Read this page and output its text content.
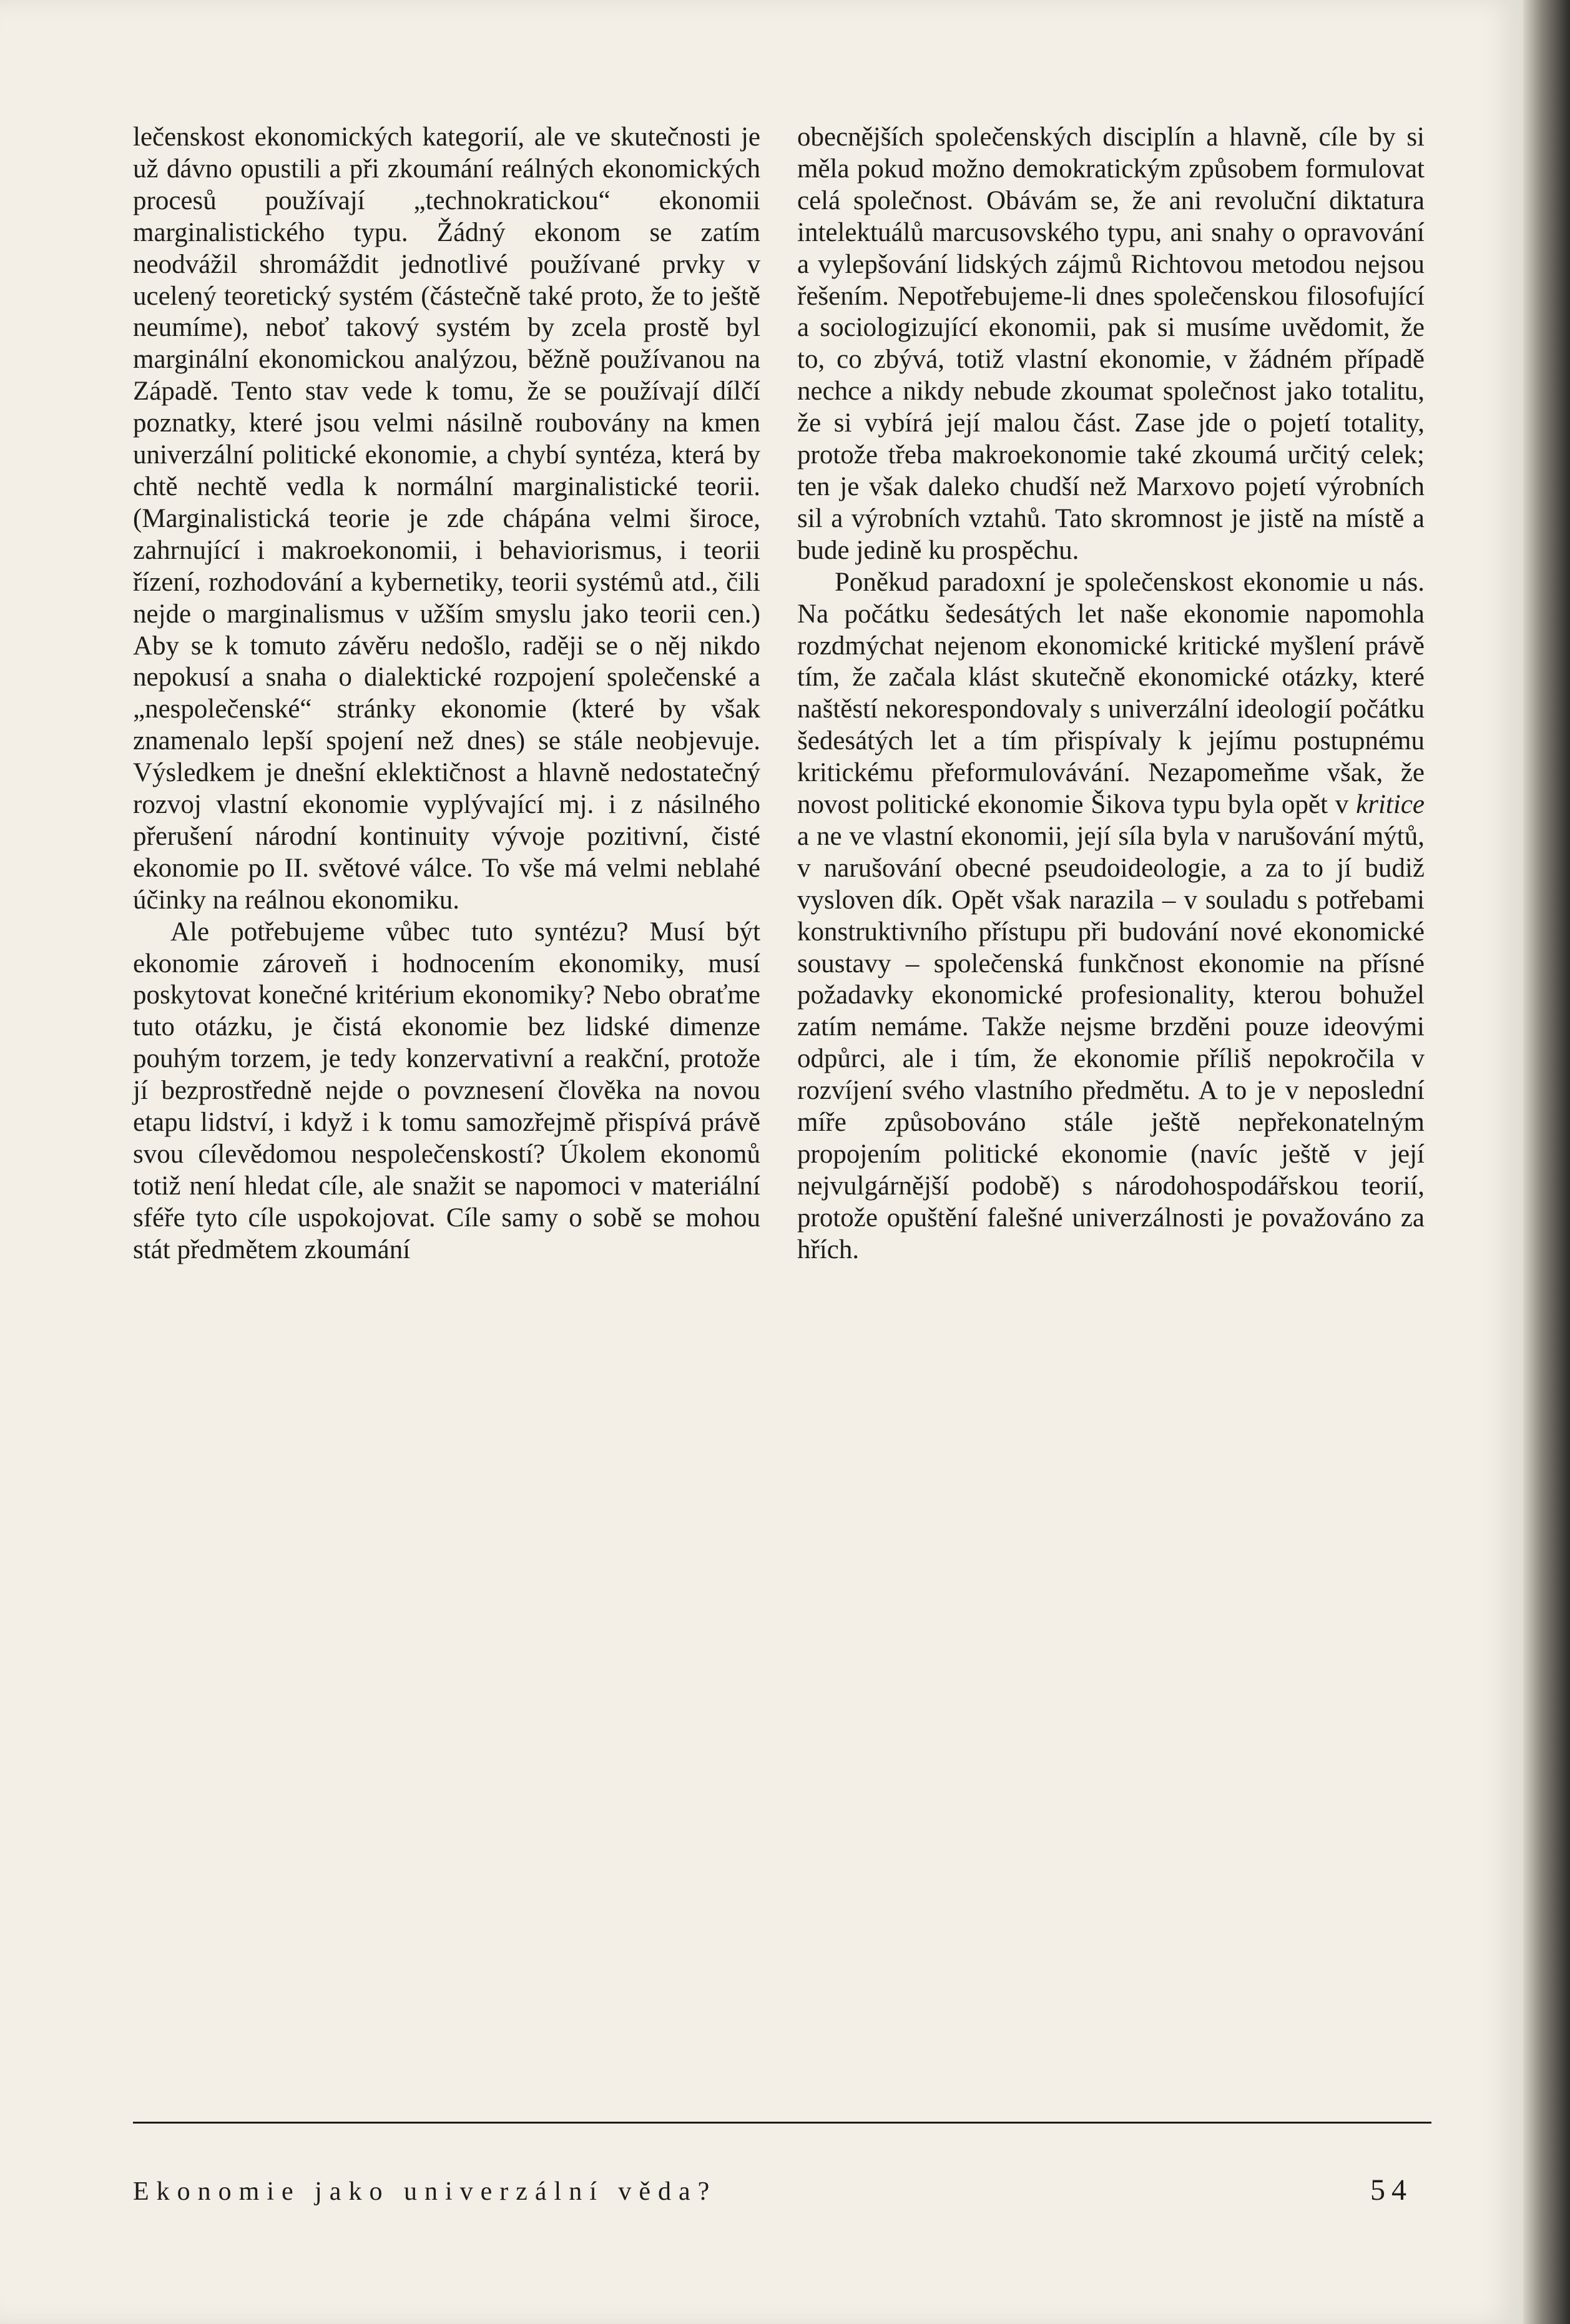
lečenskost ekonomických kategorií, ale ve skutečnosti je už dávno opustili a při zkoumání reálných ekonomických procesů používají „technokratickou“ ekonomii marginalistického typu. Žádný ekonom se zatím neodvážil shromáždit jednotlivé používané prvky v ucelený teoretický systém (částečně také proto, že to ještě neumíme), neboť takový systém by zcela prostě byl marginální ekonomickou analýzou, běžně používanou na Západě. Tento stav vede k tomu, že se používají dílčí poznatky, které jsou velmi násilně roubovány na kmen univerzální politické ekonomie, a chybí syntéza, která by chtě nechtě vedla k normální marginalistické teorii. (Marginalistická teorie je zde chápána velmi široce, zahrnující i makroekonomii, i behaviorismus, i teorii řízení, rozhodování a kybernetiky, teorii systémů atd., čili nejde o marginalismus v užším smyslu jako teorii cen.) Aby se k tomuto závěru nedošlo, raději se o něj nikdo nepokusí a snaha o dialektické rozpojení společenské a „nespolečenské“ stránky ekonomie (které by však znamenalo lepší spojení než dnes) se stále neobjevuje. Výsledkem je dnešní eklektičnost a hlavně nedostatečný rozvoj vlastní ekonomie vyplývající mj. i z násilného přerušení národní kontinuity vývoje pozitivní, čisté ekonomie po II. světové válce. To vše má velmi neblahé účinky na reálnou ekonomiku.

Ale potřebujeme vůbec tuto syntézu? Musí být ekonomie zároveň i hodnocením ekonomiky, musí poskytovat konečné kritérium ekonomiky? Nebo obraťme tuto otázku, je čistá ekonomie bez lidské dimenze pouhým torzem, je tedy konzervativní a reakční, protože jí bezprostředně nejde o povznesení člověka na novou etapu lidství, i když i k tomu samozřejmě přispívá právě svou cílevědomou nespolečenskostí? Úkolem ekonomů totiž není hledat cíle, ale snažit se napomoci v materiální sféře tyto cíle uspokojovat. Cíle samy o sobě se mohou stát předmětem zkoumání

obecnějších společenských disciplín a hlavně, cíle by si měla pokud možno demokratickým způsobem formulovat celá společnost. Obávám se, že ani revoluční diktatura intelektuálů marcusovského typu, ani snahy o opravování a vylepšování lidských zájmů Richtovou metodou nejsou řešením. Nepotřebujeme-li dnes společenskou filosofující a sociologizující ekonomii, pak si musíme uvědomit, že to, co zbývá, totiž vlastní ekonomie, v žádném případě nechce a nikdy nebude zkoumat společnost jako totalitu, že si vybírá její malou část. Zase jde o pojetí totality, protože třeba makroekonomie také zkoumá určitý celek; ten je však daleko chudší než Marxovo pojetí výrobních sil a výrobních vztahů. Tato skromnost je jistě na místě a bude jedině ku prospěchu.

Poněkud paradoxní je společenskost ekonomie u nás. Na počátku šedesátých let naše ekonomie napomohla rozdmýchat nejenom ekonomické kritické myšlení právě tím, že začala klást skutečně ekonomické otázky, které naštěstí nekorespondovaly s univerzální ideologií počátku šedesátých let a tím přispívaly k jejímu postupnému kritickému přeformulovávání. Nezapomeňme však, že novost politické ekonomie Šikova typu byla opět v kritice a ne ve vlastní ekonomii, její síla byla v narušování mýtů, v narušování obecné pseudoideologie, a za to jí budiž vysloven dík. Opět však narazila – v souladu s potřebami konstruktivního přístupu při budování nové ekonomické soustavy – společenská funkčnost ekonomie na přísné požadavky ekonomické profesionality, kterou bohužel zatím nemáme. Takže nejsme brzděni pouze ideovými odpůrci, ale i tím, že ekonomie příliš nepokročila v rozvíjení svého vlastního předmětu. A to je v neposlední míře způsobováno stále ještě nepřekonatelným propojením politické ekonomie (navíc ještě v její nejvulgárnější podobě) s národohospodářskou teorií, protože opuštění falešné univerzálnosti je považováno za hřích.

Ekonomie jako univerzální věda?	54
